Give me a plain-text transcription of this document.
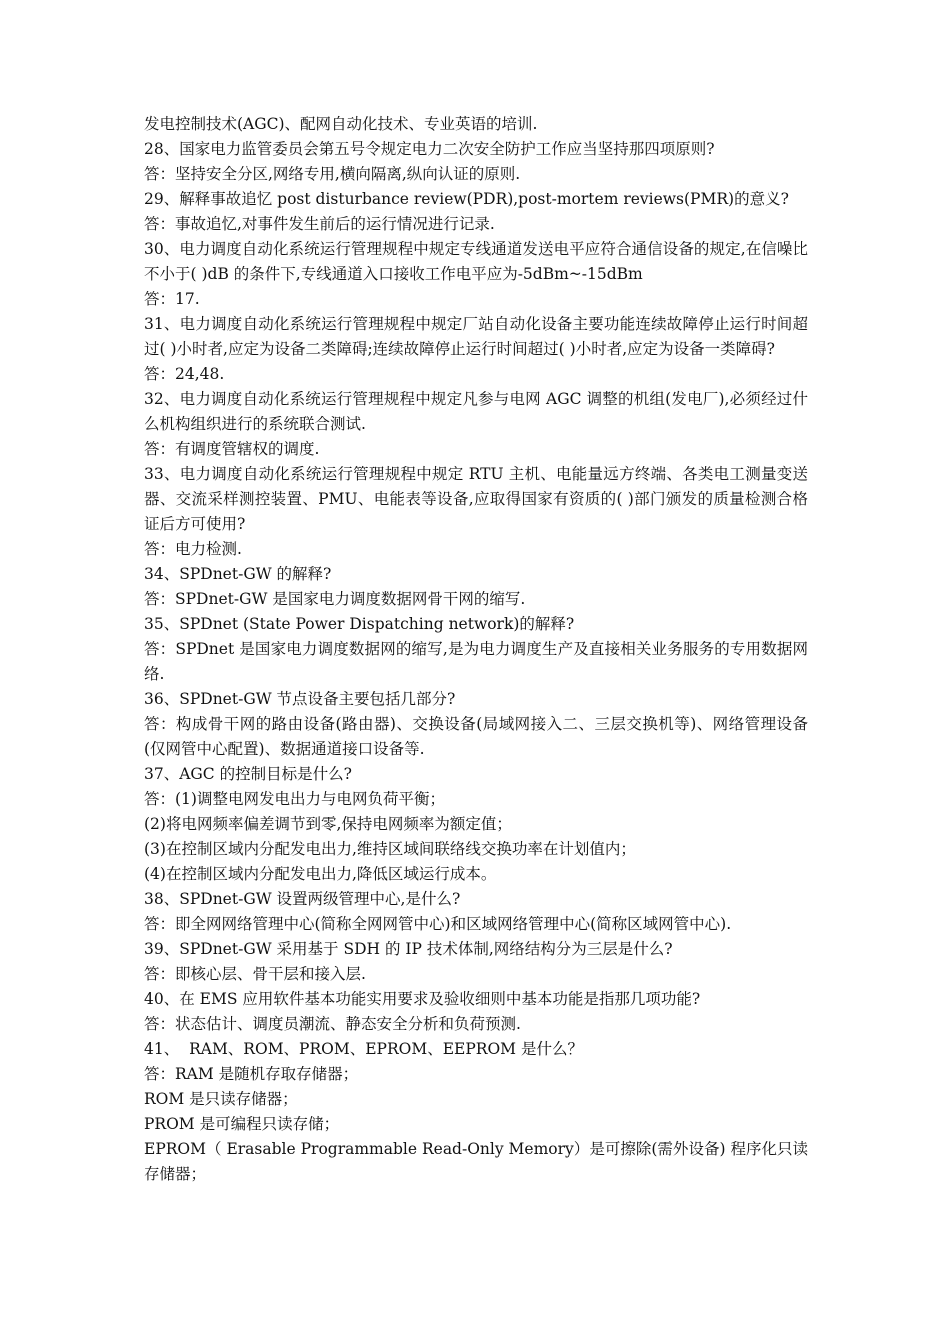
发电控制技术(AGC)、配网自动化技术、专业英语的培训.
28、国家电力监管委员会第五号令规定电力二次安全防护工作应当坚持那四项原则?
答：坚持安全分区,网络专用,横向隔离,纵向认证的原则.
29、解释事故追忆 post disturbance review(PDR),post-mortem reviews(PMR)的意义?
答：事故追忆,对事件发生前后的运行情况进行记录.
30、电力调度自动化系统运行管理规程中规定专线通道发送电平应符合通信设备的规定,在信噪比不小于( )dB 的条件下,专线通道入口接收工作电平应为-5dBm~-15dBm
答：17.
31、电力调度自动化系统运行管理规程中规定厂站自动化设备主要功能连续故障停止运行时间超过( )小时者,应定为设备二类障碍;连续故障停止运行时间超过( )小时者,应定为设备一类障碍?
答：24,48.
32、电力调度自动化系统运行管理规程中规定凡参与电网 AGC 调整的机组(发电厂),必须经过什么机构组织进行的系统联合测试.
答：有调度管辖权的调度.
33、电力调度自动化系统运行管理规程中规定 RTU 主机、电能量远方终端、各类电工测量变送器、交流采样测控装置、PMU、电能表等设备,应取得国家有资质的( )部门颁发的质量检测合格证后方可使用?
答：电力检测.
34、SPDnet-GW 的解释?
答：SPDnet-GW 是国家电力调度数据网骨干网的缩写.
35、SPDnet (State Power Dispatching network)的解释?
答：SPDnet 是国家电力调度数据网的缩写,是为电力调度生产及直接相关业务服务的专用数据网络.
36、SPDnet-GW 节点设备主要包括几部分?
答：构成骨干网的路由设备(路由器)、交换设备(局域网接入二、三层交换机等)、网络管理设备(仅网管中心配置)、数据通道接口设备等.
37、AGC 的控制目标是什么?
答：(1)调整电网发电出力与电网负荷平衡；
(2)将电网频率偏差调节到零,保持电网频率为额定值；
(3)在控制区域内分配发电出力,维持区域间联络线交换功率在计划值内；
(4)在控制区域内分配发电出力,降低区域运行成本。
38、SPDnet-GW 设置两级管理中心,是什么?
答：即全网网络管理中心(简称全网网管中心)和区域网络管理中心(简称区域网管中心).
39、SPDnet-GW 采用基于 SDH 的 IP 技术体制,网络结构分为三层是什么?
答：即核心层、骨干层和接入层.
40、在 EMS 应用软件基本功能实用要求及验收细则中基本功能是指那几项功能?
答：状态估计、调度员潮流、静态安全分析和负荷预测.
41、  RAM、ROM、PROM、EPROM、EEPROM 是什么？
答：RAM 是随机存取存储器；
ROM 是只读存储器；
PROM 是可编程只读存储；
EPROM（ Erasable Programmable Read-Only Memory）是可擦除(需外设备) 程序化只读存储器；
